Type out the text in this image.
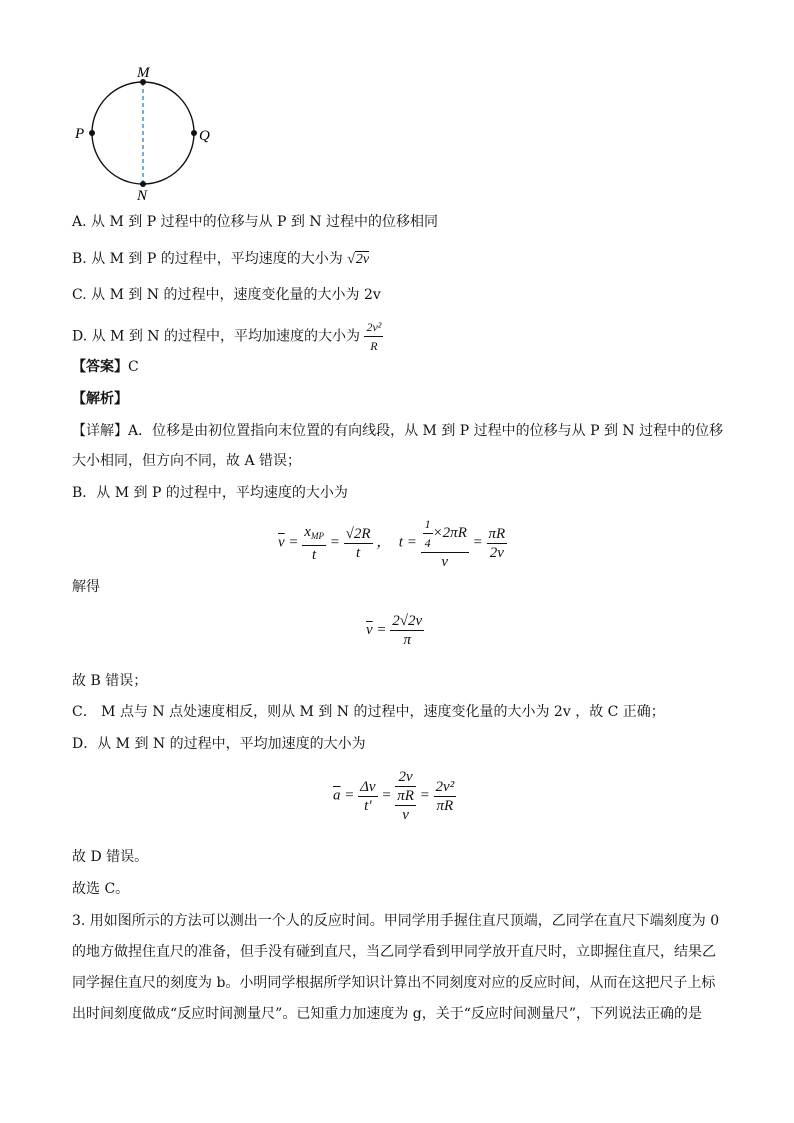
M
N
P	Q
A. 从 M 到 P 过程中的位移与从 P 到 N 过程中的位移相同
B. 从 M 到 P 的过程中，平均速度的大小为 √2v
C. 从 M 到 N 的过程中，速度变化量的大小为 2v
D. 从 M 到 N 的过程中，平均加速度的大小为 $\frac{\text{2v²}}{R}$
【答案】C
【解析】
【详解】A．位移是由初位置指向末位置的有向线段，从 M 到 P 过程中的位移与从 P 到 N 过程中的位移
大小相同，但方向不同，故 A 错误；
B．从 M 到 P 的过程中，平均速度的大小为
$\overline{v} = \frac{x_{MP}}{t} = \frac{√2R}{t}$ ，  $t = \frac{\frac{1}{4} \times 2\pi R}{v} = \frac{\pi R}{2v}$
解得
$\overline{v} = \frac{2√2v}{\pi}$
故 B 错误；
C． M 点与 N 点处速度相反，则从 M 到 N 的过程中，速度变化量的大小为 2v ，故 C 正确；
D．从 M 到 N 的过程中，平均加速度的大小为
$\overline{a} = \frac{\Delta v}{t'} = 2v$
πR
$v = \frac{\text{2v²}}{\pi R}$
故 D 错误。
故选 C。
3. 用如图所示的方法可以测出一个人的反应时间。甲同学用手握住直尺顶端，乙同学在直尺下端刻度为 0
的地方做捏住直尺的准备，但手没有碰到直尺，当乙同学看到甲同学放开直尺时，立即握住直尺，结果乙
同学握住直尺的刻度为 b。小明同学根据所学知识计算出不同刻度对应的反应时间，从而在这把尺子上标
出时间刻度做成“反应时间测量尺”。已知重力加速度为 g，关于“反应时间测量尺”，下列说法正确的是
